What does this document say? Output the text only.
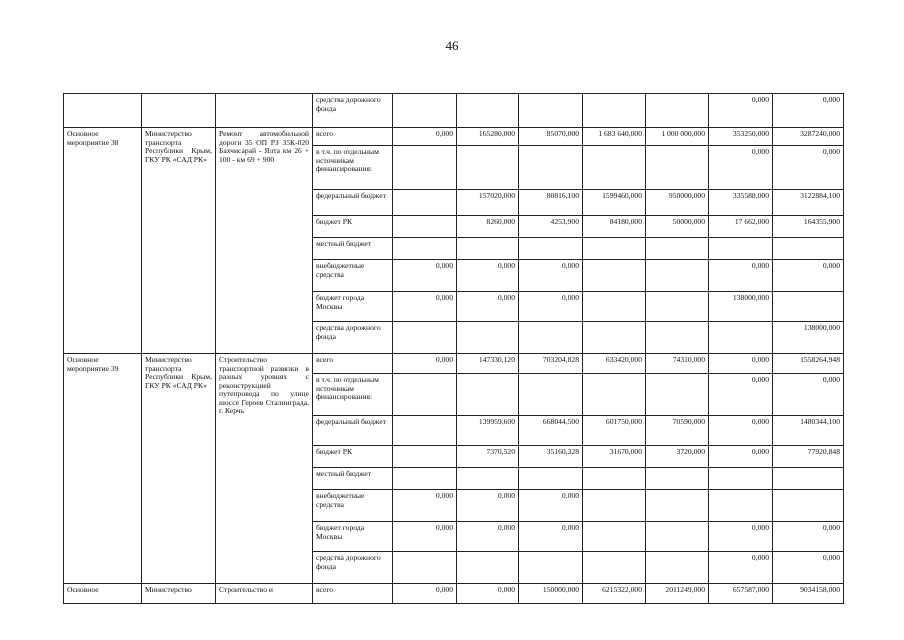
46
			средства дорожного фонда						0,000	0,000
Основное мероприятие 38	Министерство транспорта Республики Крым, ГКУ РК «САД РК»	Ремонт автомобильной дороги 35 ОП РЗ 35К-020 Бахчисарай - Ялта км 26 + 100 - км 69 + 900	всего	0,000	165280,000	85070,000	1 683 640,000	1 000 000,000	353250,000	3287240,000
			в т.ч. по отдельным источникам финансирования:						0,000	0,000
			федеральный бюджет		157020,000	80816,100	1599460,000	950000,000	335588,000	3122884,100
			бюджет РК		8260,000	4253,900	84180,000	50000,000	17 662,000	164355,900
			местный бюджет							
			внебюджетные средства	0,000	0,000	0,000			0,000	0,000
			бюджет города Москвы	0,000	0,000	0,000			138000,000	
			средства дорожного фонда							138000,000
Основное мероприятие 39	Министерство транспорта Республики Крым, ГКУ РК «САД РК»	Строительство транспортной развязки в разных уровнях с реконструкцией путепровода по улице шоссе Героев Сталинграда, г. Керчь	всего	0,000	147330,120	703204,828	633420,000	74310,000	0,000	1558264,948
			в т.ч. по отдельным источникам финансирования:						0,000	0,000
			федеральный бюджет		139959,600	668044,500	601750,000	70590,000	0,000	1480344,100
			бюджет РК		7370,520	35160,328	31670,000	3720,000	0,000	77920,848
			местный бюджет							
			внебюджетные средства	0,000	0,000	0,000				
			бюджет города Москвы	0,000	0,000	0,000			0,000	0,000
			средства дорожного фонда						0,000	0,000
Основное	Министерство	Строительство и	всего	0,000	0,000	150000,000	6215322,000	2011249,000	657587,000	9034158,000
